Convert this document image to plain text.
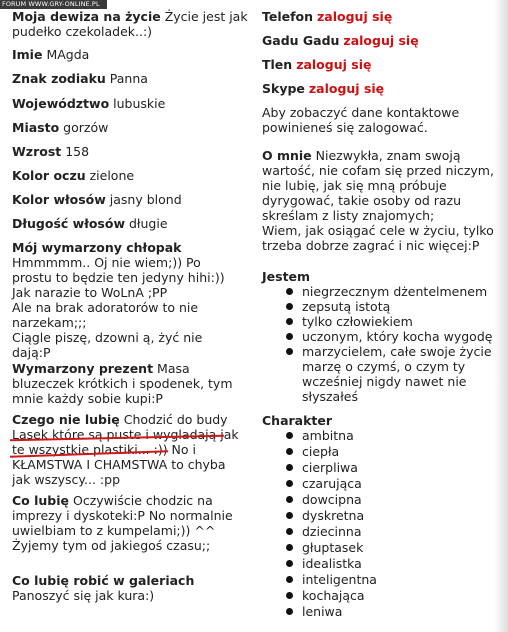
FORUM WWW.GRY-ONLINE.PL

Moja dewiza na życie Życie jest jak pudełko czekoladek..:)

Imie MAgda

Znak zodiaku Panna

Województwo lubuskie

Miasto gorzów

Wzrost 158

Kolor oczu zielone

Kolor włosów jasny blond

Długość włosów długie

Mój wymarzony chłopak
Hmmmmm.. Oj nie wiem;)) Po prostu to będzie ten jedyny hihi:)) Jak narazie to WoLnA ;PP
Ale na brak adoratorów to nie narzekam;;;
Ciągle piszę, dzowni ą, żyć nie dają:P

Wymarzony prezent Masa bluzeczek krótkich i spodenek, tym mnie każdy sobie kupi:P

Czego nie lubię Chodzić do budy Lasek które są puste i wygladają jak te wszystkie plastiki... :)) No i KŁAMSTWA I CHAMSTWA to chyba jak wszyscy... :pp

Co lubię Oczywiście chodzic na imprezy i dyskoteki:P No normalnie uwielbiam to z kumpelami;)) ^^
Żyjemy tym od jakiegoś czasu;;

Co lubię robić w galeriach
Panoszyć się jak kura:)

Telefon zaloguj się

Gadu Gadu zaloguj się

Tlen zaloguj się

Skype zaloguj się

Aby zobaczyć dane kontaktowe powinieneś się zalogować.

O mnie Niezwykła, znam swoją wartość, nie cofam się przed niczym, nie lubię, jak się mną próbuje dyrygować, takie osoby od razu skreślam z listy znajomych;
Wiem, jak osiągać cele w życiu, tylko trzeba dobrze zagrać i nic więcej:P

Jestem

niegrzecznym dżentelmenem
zepsutą istotą
tylko człowiekiem
uczonym, który kocha wygodę
marzycielem, całe swoje życie marzę o czymś, o czym ty wcześniej nigdy nawet nie słyszałeś

Charakter

ambitna
ciepła
cierpliwa
czarująca
dowcipna
dyskretna
dziecinna
głuptasek
idealistka
inteligentna
kochająca
leniwa
